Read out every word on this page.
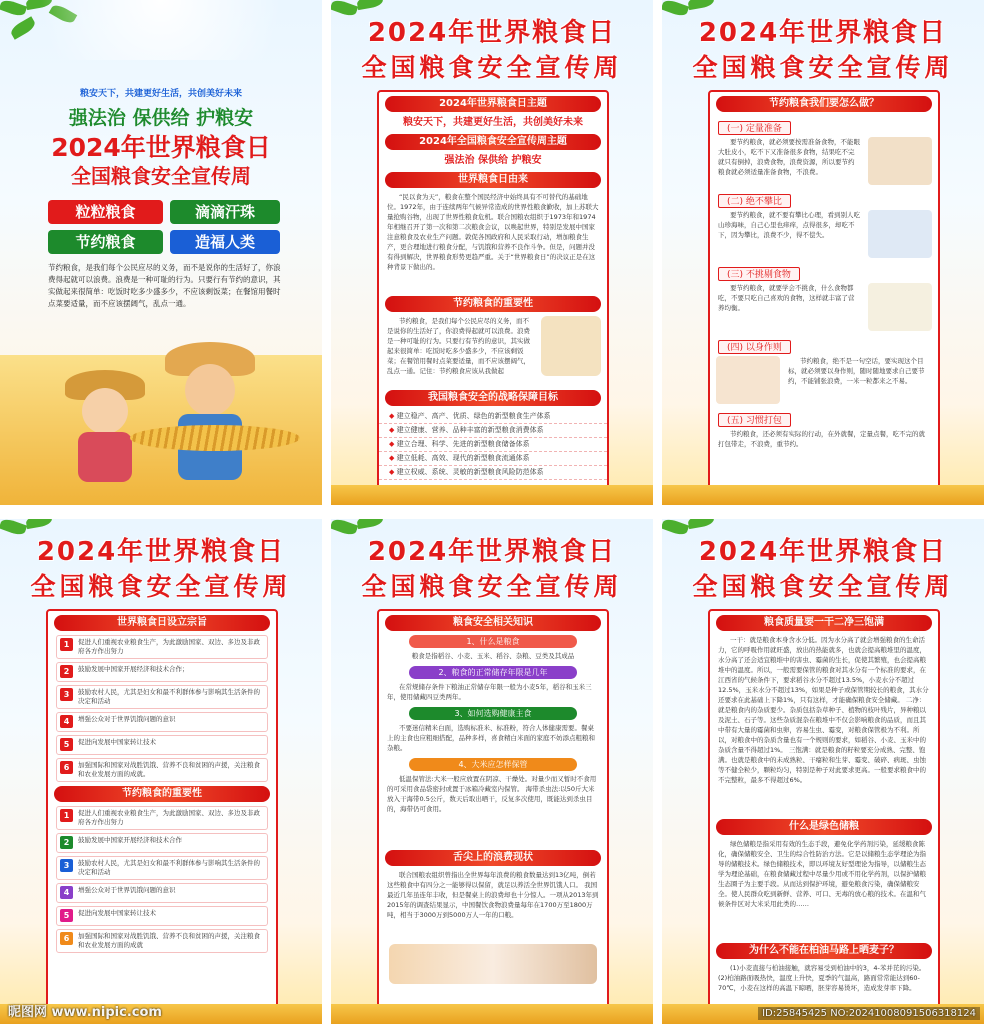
粮安天下，共建更好生活，共创美好未来
强法治 保供给 护粮安
2024年世界粮食日
全国粮食安全宣传周
粒粒粮食	滴滴汗珠
节约粮食	造福人类
节约粮食，是我们每个公民应尽的义务，而不是说你的生活好了，你浪费得起就可以浪费。浪费是一种可耻的行为。只要行有节约的意识，其实做起来很简单：吃饭时吃多少盛多少，不应该剩饭菜；在餐馆用餐时点菜要适量，而不应该摆阔气，乱点一通。
2024年世界粮食日
全国粮食安全宣传周
2024年世界粮食日主题
粮安天下，共建更好生活，共创美好未来
2024年全国粮食安全宣传周主题
强法治 保供给 护粮安
世界粮食日由来
“民以食为天”，粮食在整个国民经济中始终具有不可替代的基础地位。1972年，由于连续两年气候异常造成的世界性粮食歉收，加上苏联大量抢购谷物，出现了世界性粮食危机。联合国粮农组织于1973年和1974年相继召开了第一次和第二次粮食会议，以唤起世界，特别是发展中国家注意粮食及农业生产问题。敦促各国政府和人民采取行动，增加粮食生产，更合理地进行粮食分配，与饥饿和营养不良作斗争。但是，问题并没有得到解决，世界粮食形势更趋严重。关于“世界粮食日”的决议正是在这种背景下做出的。
节约粮食的重要性
节约粮食，是我们每个公民应尽的义务，而不是说你的生活好了，你浪费得起就可以浪费。浪费是一种可耻的行为。只要行有节约的意识，其实做起来很简单：吃饭时吃多少盛多少，不应该剩饭菜；在餐馆用餐时点菜要适量，而不应该摆阔气，乱点一通。记住：节约粮食应该从我做起
我国粮食安全的战略保障目标
◆ 建立稳产、高产、优质、绿色的新型粮食生产体系
◆ 建立健康、营养、品种丰富的新型粮食消费体系
◆ 建立合理、科学、先进的新型粮食储备体系
◆ 建立低耗、高效、现代的新型粮食流通体系
◆ 建立权威、系统、灵敏的新型粮食风险防范体系
2024年世界粮食日
全国粮食安全宣传周
节约粮食我们要怎么做？
(一) 定量准备
要节约粮食，就必须要按需准备食物，不能眼大肚皮小，吃不下又准备很多食物，结果吃不完就只有倒掉，浪费食物，浪费资源，所以要节约粮食就必须适量准备食物，不浪费。
(二) 绝不攀比
要节约粮食，就不要有攀比心理，看到别人吃山珍海味，自己心里也痒痒，点得很多，却吃不下，因为攀比，浪费不少，得不偿失。
(三) 不挑剔食物
要节约粮食，就要学会不挑食，什么食物都吃，不要只吃自己喜欢的食物，这样就丰富了营养均衡。
(四) 以身作则
节约粮食，绝不是一句空话，要实现这个目标，就必须要以身作则，随时随地要求自己要节约，不能铺张浪费，一米一粒都来之不易。
(五) 习惯打包
节约粮食，还必须有实际的行动，在外就餐，定量点餐，吃不完的就打包带走，不浪费，重节约。
2024年世界粮食日
全国粮食安全宣传周
世界粮食日设立宗旨
1	促进人们重视农业粮食生产，为此激励国家、双边、多边及非政府各方作出努力
2	鼓励发展中国家开展经济和技术合作；
3	鼓励农村人民，尤其是妇女和最不利群体参与影响其生活条件的决定和活动
4	增强公众对于世界饥饿问题的意识
5	促进向发展中国家转让技术
6	加强国际和国家对战胜饥饿、营养不良和贫困的声援，关注粮食和农业发展方面的成就。
节约粮食的重要性
1	促进人们重视农业粮食生产，为此激励国家、双边、多边及非政府各方作出努力
2	鼓励发展中国家开展经济和技术合作
3	鼓励农村人民，尤其是妇女和最不利群体参与影响其生活条件的决定和活动
4	增强公众对于世界饥饿问题的意识
5	促进向发展中国家转让技术
6	加强国际和国家对战胜饥饿、营养不良和贫困的声援，关注粮食和农业发展方面的成就
昵图网 www.nipic.com
2024年世界粮食日
全国粮食安全宣传周
粮食安全相关知识
1、什么是粮食
粮食是指稻谷、小麦、玉米、稻谷、杂粮、豆类及其成品
2、粮食的正常储存年限是几年
在常规储存条件下粮油正常储存年限一般为小麦5年，稻谷和玉米三年，使用储藏四豆类两年。
3、如何选购健康主食
不要迷信精米白面，选购标准米、标准粉，符合人体健康需要。餐桌上的主食也应粗细搭配，品种多样，喜食精白米面的家庭不妨添点粗粮和杂粮。
4、大米应怎样保管
低温保管法:大米一般应放置在阴凉、干燥处。对量少而又暂时不食用的可采用食品袋密封或置于冰箱冷藏室内保管。 海带杀虫法:以50斤大米放入干海带0.5公斤，数天后取出晒干，反复多次使用，既能达到杀虫目的，海带仍可食用。
舌尖上的浪费现状
联合国粮农组织曾指出全世界每年浪费的粮食数量达到13亿吨，倒若这些粮食中有四分之一能够得以保留，就足以养活全世界饥饿人口。 我国最近几年虽连年丰收，但是餐桌上的浪费却也十分惊人。一项从2013年到2015年的调查结果显示，中国餐饮食物浪费量每年在1700万至1800万吨，相当于3000万到5000万人一年的口粮。
2024年世界粮食日
全国粮食安全宣传周
粮食质量要一干二净三饱满
一干：就是粮食本身含水分低。因为水分高了就会增强粮食的生命活力，它的呼吸作用就旺盛，放出的热能就多，也就会提高粮堆里的温度，水分高了还会适宜粮堆中的害虫、霉菌的生长，促使其繁殖，也会提高粮堆中的温度。所以，一般需要保管的粮食对其水分有一个标准的要求，在江西省的气候条件下，要求稻谷水分不超过13.5%，小麦水分不超过12.5%，玉米水分不超过13%，如果是种子或保管期较长的粮食，其水分还要求在此基础上下降1%，只有这样，才能确保粮食安全储藏。 二净：就是粮食内的杂质要少。杂质包括杂草种子、植物的枝叶残片，异种粮以及泥土、石子等。这些杂质混杂在粮堆中不仅会影响粮食的品质，而且其中带有大量的霉菌和虫卵，容易生虫、霉变，对粮食保管极为不利。所以，对粮食中的杂质含量也有一个规则的要求，如稻谷、小麦、玉米中的杂质含量不得超过1%。 三饱满：就是粮食的籽粒要充分成熟、完整、饱满。也就是粮食中的未成熟粒、干瘪粒和生芽、霉变、破碎、病斑、虫蚀等不健全粒少，颗粒均匀，特别是种子对此要求更高。一般要求粮食中的不完整粒，最多不得超过6%。
什么是绿色储粮
绿色储粮是指采用有效的生态手段，避免化学药剂污染，延缓粮食陈化，确保储粮安全、卫生的综合性防治方法。它是以储粮生态学理论为指导的储粮技术。绿色储粮技术，即以环境友好型理论为指导，以储粮生态学为理论基础，在粮食储藏过程中尽量少用或不用化学药剂，以保护储粮生态圈子为主要手段。从而达到保护环境，避免粮食污染，确保储粮安全。使人民群众吃到新鲜、营养、可口、无毒的放心粮的技术。在温和气候条件区对大米采用此类的……
为什么不能在柏油马路上晒麦子？
(1)小麦直接与柏油接触，就容易受到柏油中的3，4-苯并芘的污染。 (2)柏油路面吸热快，温度上升快，夏季的气温高，路面常常能达到60-70℃，小麦在这样的高温下晾晒，胚芽容易烫坏，造成发芽率下降。
ID:25845425 NO:20241008091506318124
